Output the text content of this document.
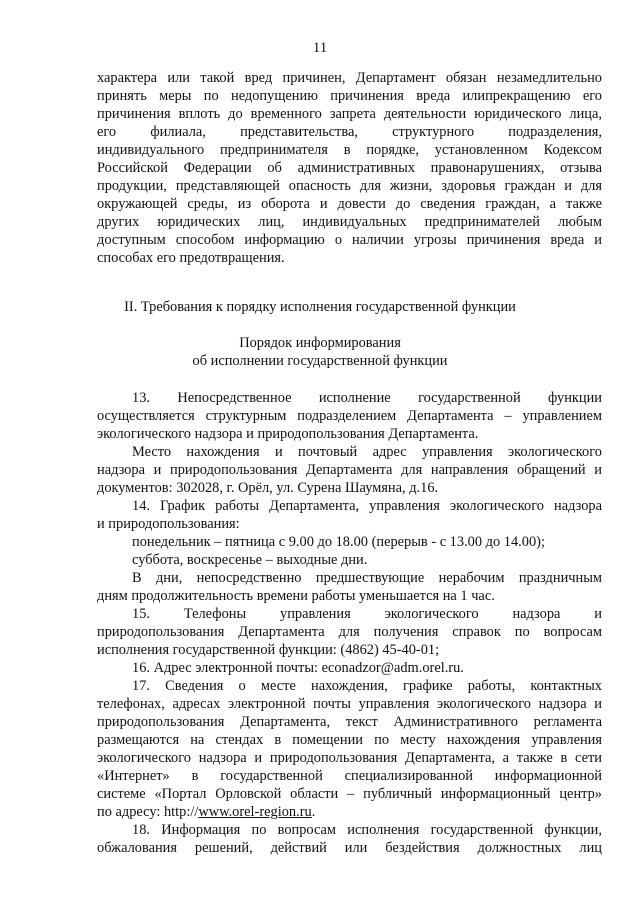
11
характера или такой вред причинен, Департамент обязан незамедлительно
принять меры по недопущению причинения вреда илипрекращению его
причинения вплоть до временного запрета деятельности юридического лица,
его филиала, представительства, структурного подразделения,
индивидуального предпринимателя в порядке, установленном Кодексом
Российской Федерации об административных правонарушениях, отзыва
продукции, представляющей опасность для жизни, здоровья граждан и для
окружающей среды, из оборота и довести до сведения граждан, а также
других юридических лиц, индивидуальных предпринимателей любым
доступным способом информацию о наличии угрозы причинения вреда и
способах его предотвращения.
II. Требования к порядку исполнения государственной функции
Порядок информирования
об исполнении государственной функции
13. Непосредственное исполнение государственной функции
осуществляется структурным подразделением Департамента – управлением
экологического надзора и природопользования Департамента.
Место нахождения и почтовый адрес управления экологического
надзора и природопользования Департамента для направления обращений и
документов: 302028, г. Орёл, ул. Сурена Шаумяна, д.16.
14. График работы Департамента, управления экологического надзора
и природопользования:
понедельник – пятница с 9.00 до 18.00 (перерыв - с 13.00 до 14.00);
суббота, воскресенье – выходные дни.
В дни, непосредственно предшествующие нерабочим праздничным
дням продолжительность времени работы уменьшается на 1 час.
15. Телефоны управления экологического надзора и
природопользования Департамента для получения справок по вопросам
исполнения государственной функции: (4862) 45-40-01;
16. Адрес электронной почты: econadzor@adm.orel.ru.
17. Сведения о месте нахождения, графике работы, контактных
телефонах, адресах электронной почты управления экологического надзора и
природопользования Департамента, текст Административного регламента
размещаются на стендах в помещении по месту нахождения управления
экологического надзора и природопользования Департамента, а также в сети
«Интернет» в государственной специализированной информационной
системе «Портал Орловской области – публичный информационный центр»
по адресу: http://www.orel-region.ru.
18. Информация по вопросам исполнения государственной функции,
обжалования решений, действий или бездействия должностных лиц
